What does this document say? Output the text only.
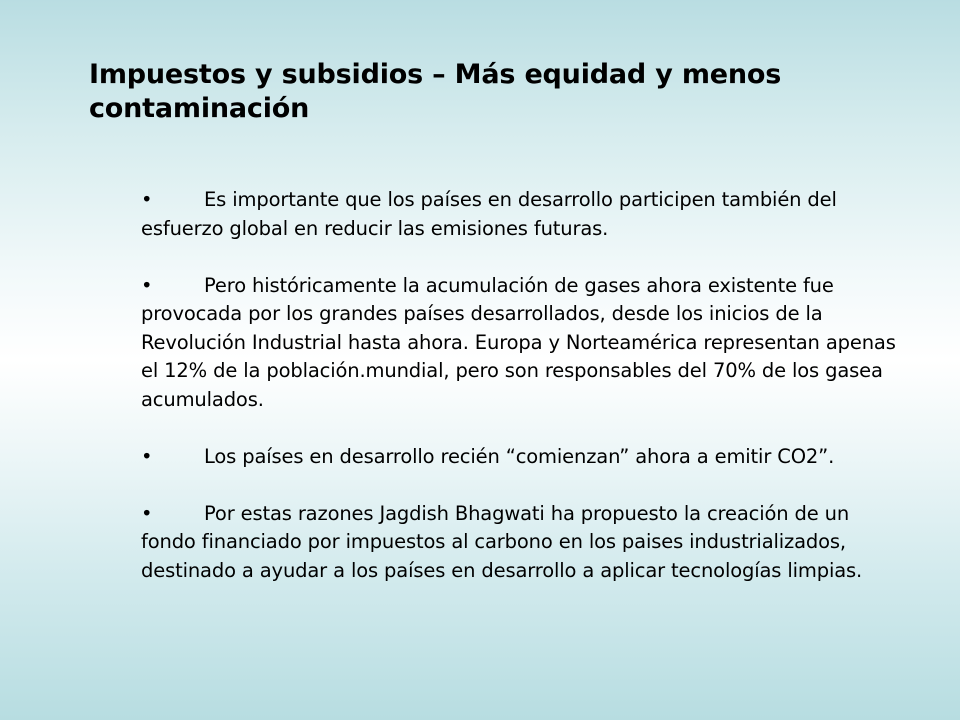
Impuestos y subsidios – Más equidad y menos contaminación
•	Es importante que los países en desarrollo participen también del esfuerzo global en reducir las emisiones futuras.
•	Pero históricamente la acumulación de gases ahora existente fue provocada por los grandes países desarrollados, desde los inicios de la Revolución Industrial hasta ahora. Europa y Norteamérica representan apenas el 12% de la población.mundial, pero son responsables del 70% de los gasea acumulados.
•	Los países en desarrollo recién “comienzan” ahora a emitir CO2”.
•	Por estas razones Jagdish Bhagwati ha propuesto la creación de un fondo financiado por impuestos al carbono en los paises industrializados, destinado a ayudar a los países en desarrollo a aplicar tecnologías limpias.
